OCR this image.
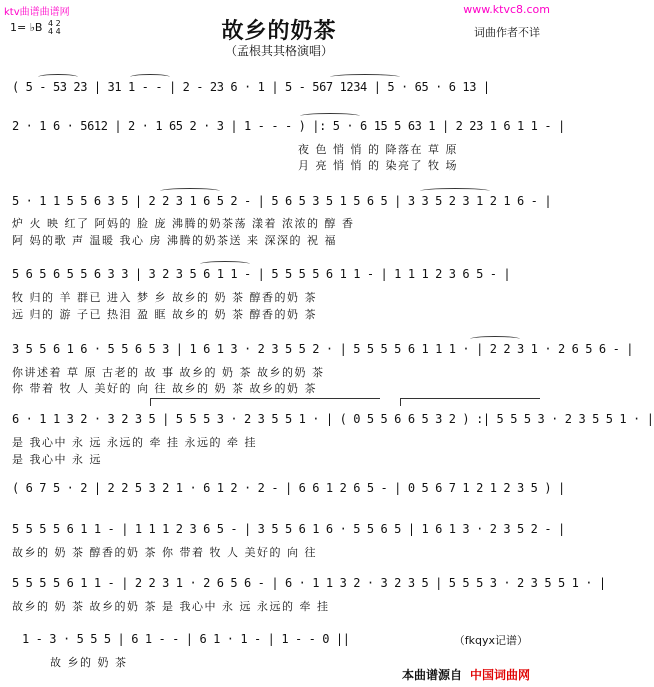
ktv曲谱曲谱网	www.ktvc8.com
故乡的奶茶
（孟根其其格演唱）
1= ♭B 4 2
4 4	词曲作者不详
( 5 - 53 23 | 31 1 - - | 2 - 23 6 · 1 | 5 - 567 1234 | 5 · 65 · 6 13 |
2 · 1 6 · 5612 | 2 · 1 65 2 · 3 | 1 - - - ) |: 5 · 6 15 5 63 1 | 2 23 1 6 1 1 - |
夜 色 悄 悄 的 降落在 草 原
月 亮 悄 悄 的 染亮了 牧 场
5 · 1 1 5 5 6 3 5 | 2 2 3 1 6 5 2 - | 5 6 5 3 5 1 5 6 5 | 3 3 5 2 3 1 2 1 6 - |
炉 火 映 红了 阿妈的 脸 庞 沸腾的奶茶荡 漾着 浓浓的 醇 香
阿 妈的歌 声 温暖 我心 房 沸腾的奶茶送 来 深深的 祝 福
5 6 5 6 5 5 6 3 3 | 3 2 3 5 6 1 1 - | 5 5 5 5 6 1 1 - | 1 1 1 2 3 6 5 - |
牧 归的 羊 群已 进入 梦 乡 故乡的 奶 茶 醇香的奶 茶
远 归的 游 子已 热泪 盈 眶 故乡的 奶 茶 醇香的奶 茶
3 5 5 6 1 6 · 5 5 6 5 3 | 1 6 1 3 · 2 3 5 5 2 · | 5 5 5 5 6 1 1 1 · | 2 2 3 1 · 2 6 5 6 - |
你讲述着 草 原 古老的 故 事 故乡的 奶 茶 故乡的奶 茶
你 带着 牧 人 美好的 向 往 故乡的 奶 茶 故乡的奶 茶
6 · 1 1 3 2 · 3 2 3 5 | 5 5 5 3 · 2 3 5 5 1 · | ( 0 5 5 6 6 5 3 2 ) :| 5 5 5 3 · 2 3 5 5 1 · |
是 我心中 永 远 永远的 牵 挂 永远的 牵 挂
是 我心中 永 远
( 6 7 5 · 2 | 2 2 5 3 2 1 · 6 1 2 · 2 - | 6 6 1 2 6 5 - | 0 5 6 7 1 2 1 2 3 5 ) |
5 5 5 5 6 1 1 - | 1 1 1 2 3 6 5 - | 3 5 5 6 1 6 · 5 5 6 5 | 1 6 1 3 · 2 3 5 2 - |
故乡的 奶 茶 醇香的奶 茶 你 带着 牧 人 美好的 向 往
5 5 5 5 6 1 1 - | 2 2 3 1 · 2 6 5 6 - | 6 · 1 1 3 2 · 3 2 3 5 | 5 5 5 3 · 2 3 5 5 1 · |
故乡的 奶 茶 故乡的奶 茶 是 我心中 永 远 永远的 牵 挂
1 - 3 · 5 5 5 | 6 1 - - | 6 1 · 1 - | 1 - - 0 ||
故 乡的 奶 茶
（fkqyx记谱）
本曲谱源自 中国词曲网
